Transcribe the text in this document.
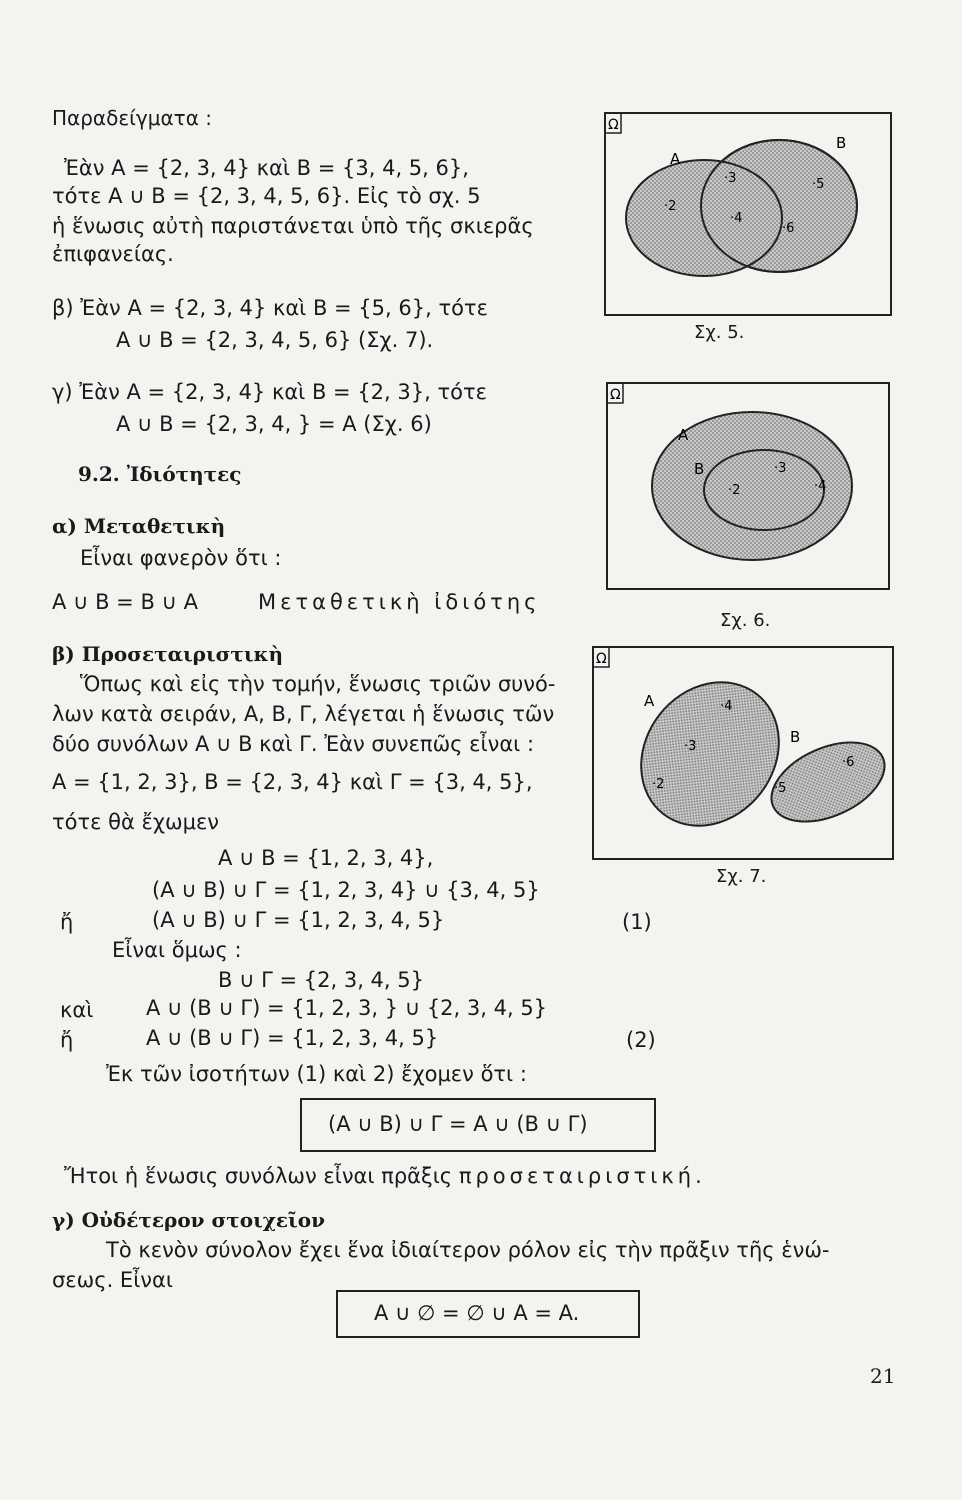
Παραδείγματα :
Ἐὰν A = {2, 3, 4} καὶ B = {3, 4, 5, 6},
τότε A ∪ B = {2, 3, 4, 5, 6}. Εἰς τὸ σχ. 5
ἡ ἕνωσις αὐτὴ παριστάνεται ὑπὸ τῆς σκιερᾶς
ἐπιφανείας.
β) Ἐὰν A = {2, 3, 4} καὶ B = {5, 6}, τότε
A ∪ B = {2, 3, 4, 5, 6} (Σχ. 7).
γ) Ἐὰν A = {2, 3, 4} καὶ B = {2, 3}, τότε
A ∪ B = {2, 3, 4, } = A (Σχ. 6)
9.2. Ἰδιότητες
α) Μεταθετικὴ
Εἶναι φανερὸν ὅτι :
A ∪ B = B ∪ A	Μεταθετικὴ ἰδιότης
β) Προσεταιριστικὴ
Ὅπως καὶ εἰς τὴν τομήν, ἕνωσις τριῶν συνό-
λων κατὰ σειράν, A, B, Γ, λέγεται ἡ ἕνωσις τῶν
δύο συνόλων A ∪ B καὶ Γ. Ἐὰν συνεπῶς εἶναι :
A = {1, 2, 3}, B = {2, 3, 4} καὶ Γ = {3, 4, 5},
τότε θὰ ἔχωμεν
A ∪ B = {1, 2, 3, 4},
(A ∪ B) ∪ Γ = {1, 2, 3, 4} ∪ {3, 4, 5}
ἤ	(A ∪ B) ∪ Γ = {1, 2, 3, 4, 5}	(1)
Εἶναι ὅμως :
B ∪ Γ = {2, 3, 4, 5}
καὶ	A ∪ (B ∪ Γ) = {1, 2, 3, } ∪ {2, 3, 4, 5}
ἤ	A ∪ (B ∪ Γ) = {1, 2, 3, 4, 5}	(2)
Ἐκ τῶν ἰσοτήτων (1) καὶ 2) ἔχομεν ὅτι :
(A ∪ B) ∪ Γ = A ∪ (B ∪ Γ)
Ἤτοι ἡ ἕνωσις συνόλων εἶναι πρᾶξις προσεταιριστική.
γ) Οὐδέτερον στοιχεῖον
Τὸ κενὸν σύνολον ἔχει ἕνα ἰδιαίτερον ρόλον εἰς τὴν πρᾶξιν τῆς ἑνώ-
σεως. Εἶναι
A ∪ ∅ = ∅ ∪ A = A.
21
Ω
A
B
·3	·5
·2
·4
·6
Σχ. 5.
Ω
A
B	·3
·4
·2
Σχ. 6.
Ω
A
B
·4
·3
·2	·5
·6
Σχ. 7.
